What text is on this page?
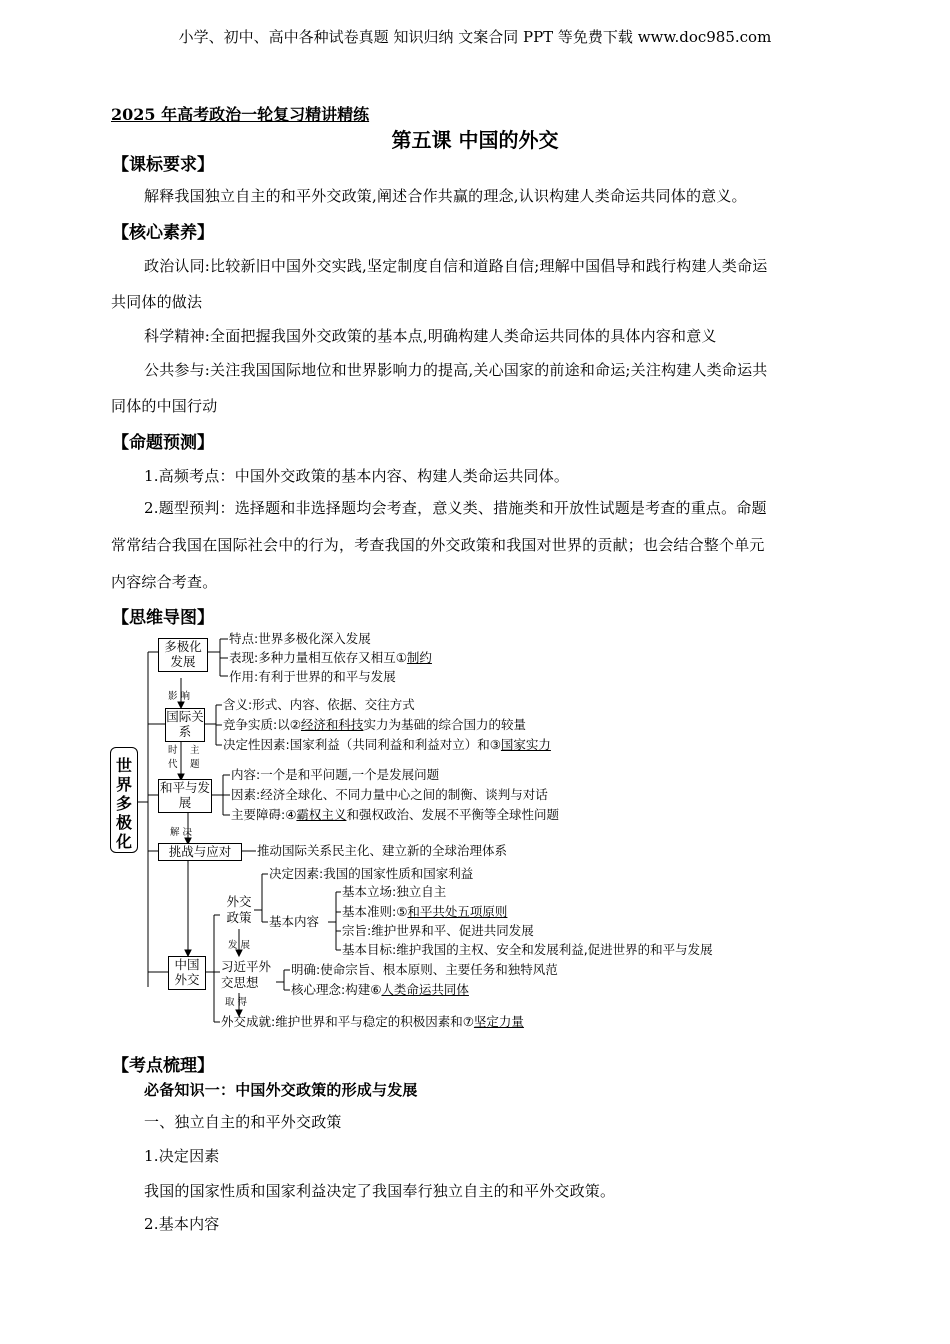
小学、初中、高中各种试卷真题 知识归纳 文案合同 PPT 等免费下载 www.doc985.com
2025 年高考政治一轮复习精讲精练
第五课 中国的外交
【课标要求】
解释我国独立自主的和平外交政策,阐述合作共赢的理念,认识构建人类命运共同体的意义。
【核心素养】
政治认同:比较新旧中国外交实践,坚定制度自信和道路自信;理解中国倡导和践行构建人类命运
共同体的做法
科学精神:全面把握我国外交政策的基本点,明确构建人类命运共同体的具体内容和意义
公共参与:关注我国国际地位和世界影响力的提高,关心国家的前途和命运;关注构建人类命运共
同体的中国行动
【命题预测】
1.高频考点：中国外交政策的基本内容、构建人类命运共同体。
2.题型预判：选择题和非选择题均会考查，意义类、措施类和开放性试题是考查的重点。命题
常常结合我国在国际社会中的行为，考查我国的外交政策和我国对世界的贡献；也会结合整个单元
内容综合考查。
【思维导图】
世界多极化
多极化发展
特点:世界多极化深入发展
表现:多种力量相互依存又相互①制约
作用:有利于世界的和平与发展
影 响
国际关系
含义:形式、内容、依据、交往方式
竞争实质:以②经济和科技实力为基础的综合国力的较量
决定性因素:国家利益（共同利益和利益对立）和③国家实力
时代
主题
和平与发展
内容:一个是和平问题,一个是发展问题
因素:经济全球化、不同力量中心之间的制衡、谈判与对话
主要障碍:④霸权主义和强权政治、发展不平衡等全球性问题
解 决
挑战与应对	推动国际关系民主化、建立新的全球治理体系
中国外交
外交政策
决定因素:我国的国家性质和国家利益
基本内容
基本立场:独立自主
基本准则:⑤和平共处五项原则
宗旨:维护世界和平、促进共同发展
基本目标:维护我国的主权、安全和发展利益,促进世界的和平与发展
发 展
习近平外交思想
明确:使命宗旨、根本原则、主要任务和独特风范
核心理念:构建⑥人类命运共同体
取 得
外交成就:维护世界和平与稳定的积极因素和⑦坚定力量
【考点梳理】
必备知识一：中国外交政策的形成与发展
一、独立自主的和平外交政策
1.决定因素
我国的国家性质和国家利益决定了我国奉行独立自主的和平外交政策。
2.基本内容
